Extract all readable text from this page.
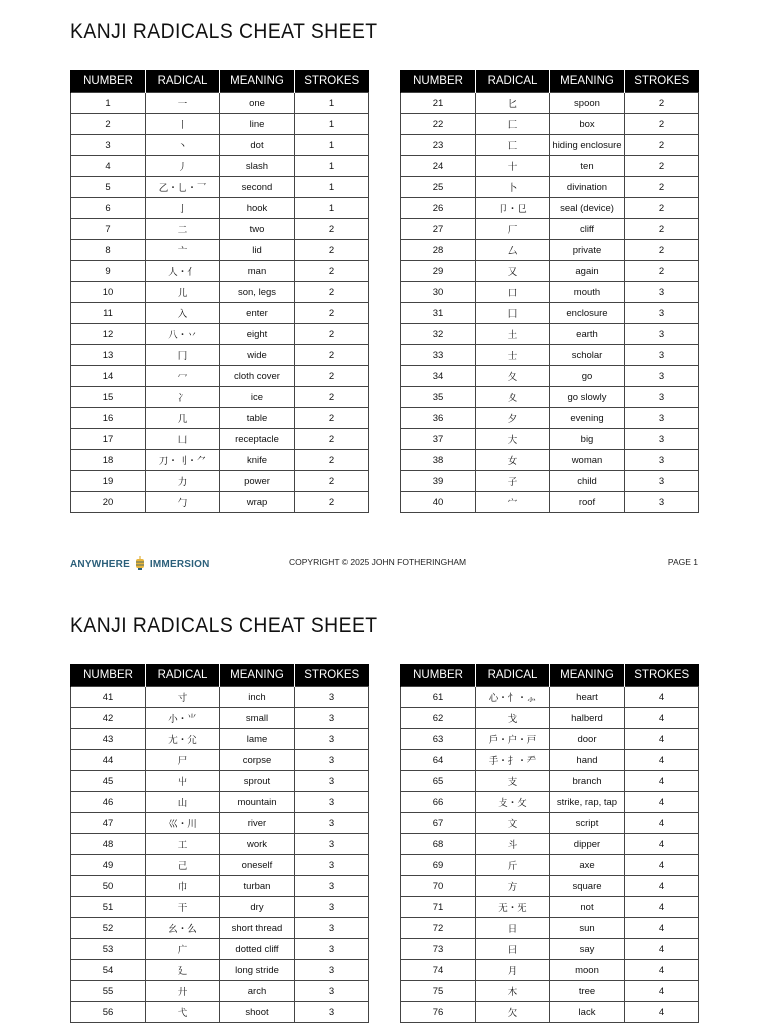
KANJI RADICALS CHEAT SHEET
NUMBER	RADICAL	MEANING	STROKES
1	一	one	1
2	丨	line	1
3	丶	dot	1
4	丿	slash	1
5	乙・乚・乛	second	1
6	亅	hook	1
7	二	two	2
8	亠	lid	2
9	人・亻	man	2
10	儿	son, legs	2
11	入	enter	2
12	八・丷	eight	2
13	冂	wide	2
14	冖	cloth cover	2
15	冫	ice	2
16	几	table	2
17	凵	receptacle	2
18	刀・刂・⺈	knife	2
19	力	power	2
20	勹	wrap	2
NUMBER	RADICAL	MEANING	STROKES
21	匕	spoon	2
22	匚	box	2
23	匸	hiding enclosure	2
24	十	ten	2
25	卜	divination	2
26	卩・㔾	seal (device)	2
27	厂	cliff	2
28	厶	private	2
29	又	again	2
30	口	mouth	3
31	囗	enclosure	3
32	土	earth	3
33	士	scholar	3
34	夂	go	3
35	夊	go slowly	3
36	夕	evening	3
37	大	big	3
38	女	woman	3
39	子	child	3
40	宀	roof	3
ANYWHERE IMMERSION	COPYRIGHT © 2025 JOHN FOTHERINGHAM	PAGE 1
KANJI RADICALS CHEAT SHEET
NUMBER	RADICAL	MEANING	STROKES
41	寸	inch	3
42	小・⺌	small	3
43	尢・尣	lame	3
44	尸	corpse	3
45	屮	sprout	3
46	山	mountain	3
47	巛・川	river	3
48	工	work	3
49	己	oneself	3
50	巾	turban	3
51	干	dry	3
52	幺・么	short thread	3
53	广	dotted cliff	3
54	廴	long stride	3
55	廾	arch	3
56	弋	shoot	3
NUMBER	RADICAL	MEANING	STROKES
61	心・忄・⺗	heart	4
62	戈	halberd	4
63	戶・户・戸	door	4
64	手・扌・龵	hand	4
65	支	branch	4
66	攴・攵	strike, rap, tap	4
67	文	script	4
68	斗	dipper	4
69	斤	axe	4
70	方	square	4
71	无・旡	not	4
72	日	sun	4
73	曰	say	4
74	月	moon	4
75	木	tree	4
76	欠	lack	4
